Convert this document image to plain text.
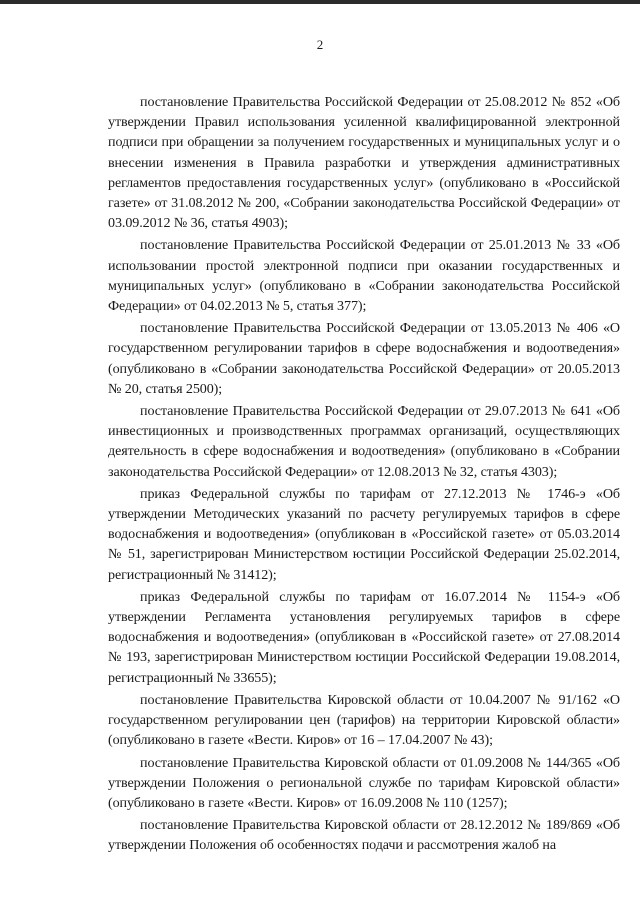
2

постановление Правительства Российской Федерации от 25.08.2012 № 852 «Об утверждении Правил использования усиленной квалифицированной электронной подписи при обращении за получением государственных и муниципальных услуг и о внесении изменения в Правила разработки и утверждения административных регламентов предоставления государственных услуг» (опубликовано в «Российской газете» от 31.08.2012 № 200, «Собрании законодательства Российской Федерации» от 03.09.2012 № 36, статья 4903);

постановление Правительства Российской Федерации от 25.01.2013 № 33 «Об использовании простой электронной подписи при оказании государственных и муниципальных услуг» (опубликовано в «Собрании законодательства Российской Федерации» от 04.02.2013 № 5, статья 377);

постановление Правительства Российской Федерации от 13.05.2013 № 406 «О государственном регулировании тарифов в сфере водоснабжения и водоотведения» (опубликовано в «Собрании законодательства Российской Федерации» от 20.05.2013 № 20, статья 2500);

постановление Правительства Российской Федерации от 29.07.2013 № 641 «Об инвестиционных и производственных программах организаций, осуществляющих деятельность в сфере водоснабжения и водоотведения» (опубликовано в «Собрании законодательства Российской Федерации» от 12.08.2013 № 32, статья 4303);

приказ Федеральной службы по тарифам от 27.12.2013 № 1746-э «Об утверждении Методических указаний по расчету регулируемых тарифов в сфере водоснабжения и водоотведения» (опубликован в «Российской газете» от 05.03.2014 № 51, зарегистрирован Министерством юстиции Российской Федерации 25.02.2014, регистрационный № 31412);

приказ Федеральной службы по тарифам от 16.07.2014 № 1154-э «Об утверждении Регламента установления регулируемых тарифов в сфере водоснабжения и водоотведения» (опубликован в «Российской газете» от 27.08.2014 № 193, зарегистрирован Министерством юстиции Российской Федерации 19.08.2014, регистрационный № 33655);

постановление Правительства Кировской области от 10.04.2007 № 91/162 «О государственном регулировании цен (тарифов) на территории Кировской области» (опубликовано в газете «Вести. Киров» от 16 – 17.04.2007 № 43);

постановление Правительства Кировской области от 01.09.2008 № 144/365 «Об утверждении Положения о региональной службе по тарифам Кировской области» (опубликовано в газете «Вести. Киров» от 16.09.2008 № 110 (1257);

постановление Правительства Кировской области от 28.12.2012 № 189/869 «Об утверждении Положения об особенностях подачи и рассмотрения жалоб на
